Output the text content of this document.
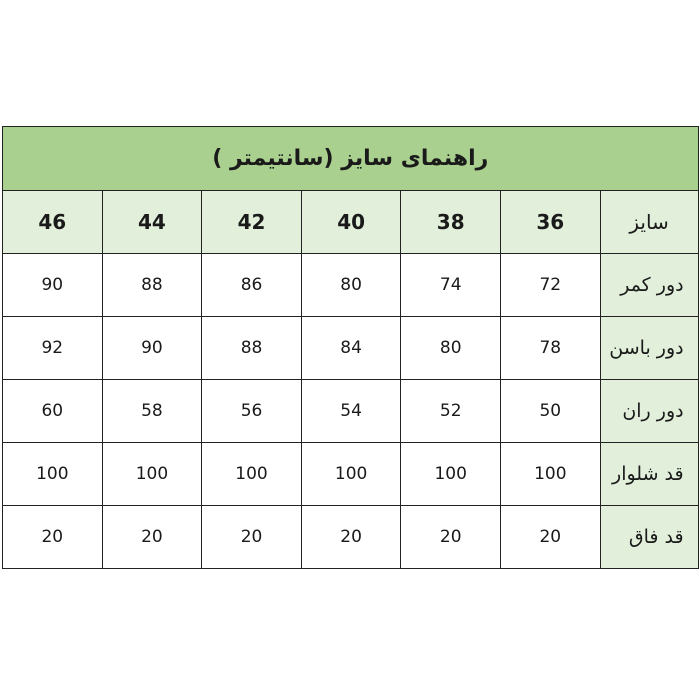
راهنمای سایز (سانتیمتر )						
سایز	36	38	40	42	44	46
دور کمر	72	74	80	86	88	90
دور باسن	78	80	84	88	90	92
دور ران	50	52	54	56	58	60
قد شلوار	100	100	100	100	100	100
قد فاق	20	20	20	20	20	20
